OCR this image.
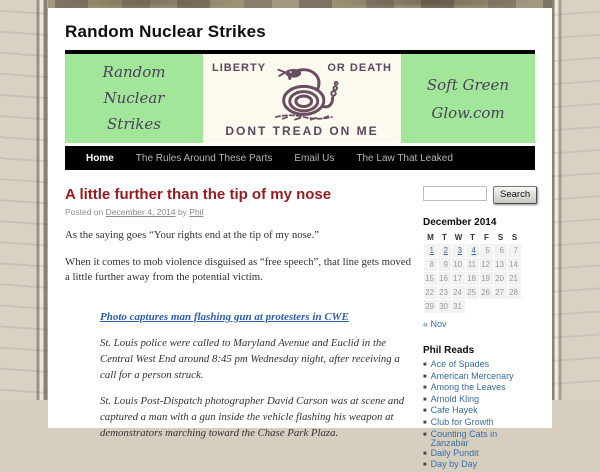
Random Nuclear Strikes
Random
Nuclear
Strikes
LIBERTY	OR DEATH
DONT TREAD ON ME
Soft Green
Glow.com
Home	The Rules Around These Parts	Email Us	The Law That Leaked
A little further than the tip of my nose
Posted on December 4, 2014 by Phil

As the saying goes “Your rights end at the tip of my nose.”

When it comes to mob violence disguised as “free speech”, that line gets moved a little further away from the potential victim.

Photo captures man flashing gun at protesters in CWE

St. Louis police were called to Maryland Avenue and Euclid in the Central West End around 8:45 pm Wednesday night, after receiving a call for a person struck.

St. Louis Post-Dispatch photographer David Carson was at scene and captured a man with a gun inside the vehicle flashing his weapon at demonstrators marching toward the Chase Park Plaza.

Search
December 2014
M	T	W	T	F	S	S
1	2	3	4	5	6	7
8	9	10	11	12	13	14
15	16	17	18	19	20	21
22	23	24	25	26	27	28
29	30	31				
« Nov
Phil Reads
■ Ace of Spades
■ American Mercenary
■ Among the Leaves
■ Arnold Kling
■ Cafe Hayek
■ Club for Growth
■ Counting Cats in Zanzabar
■ Daily Pundit
■ Day by Day
